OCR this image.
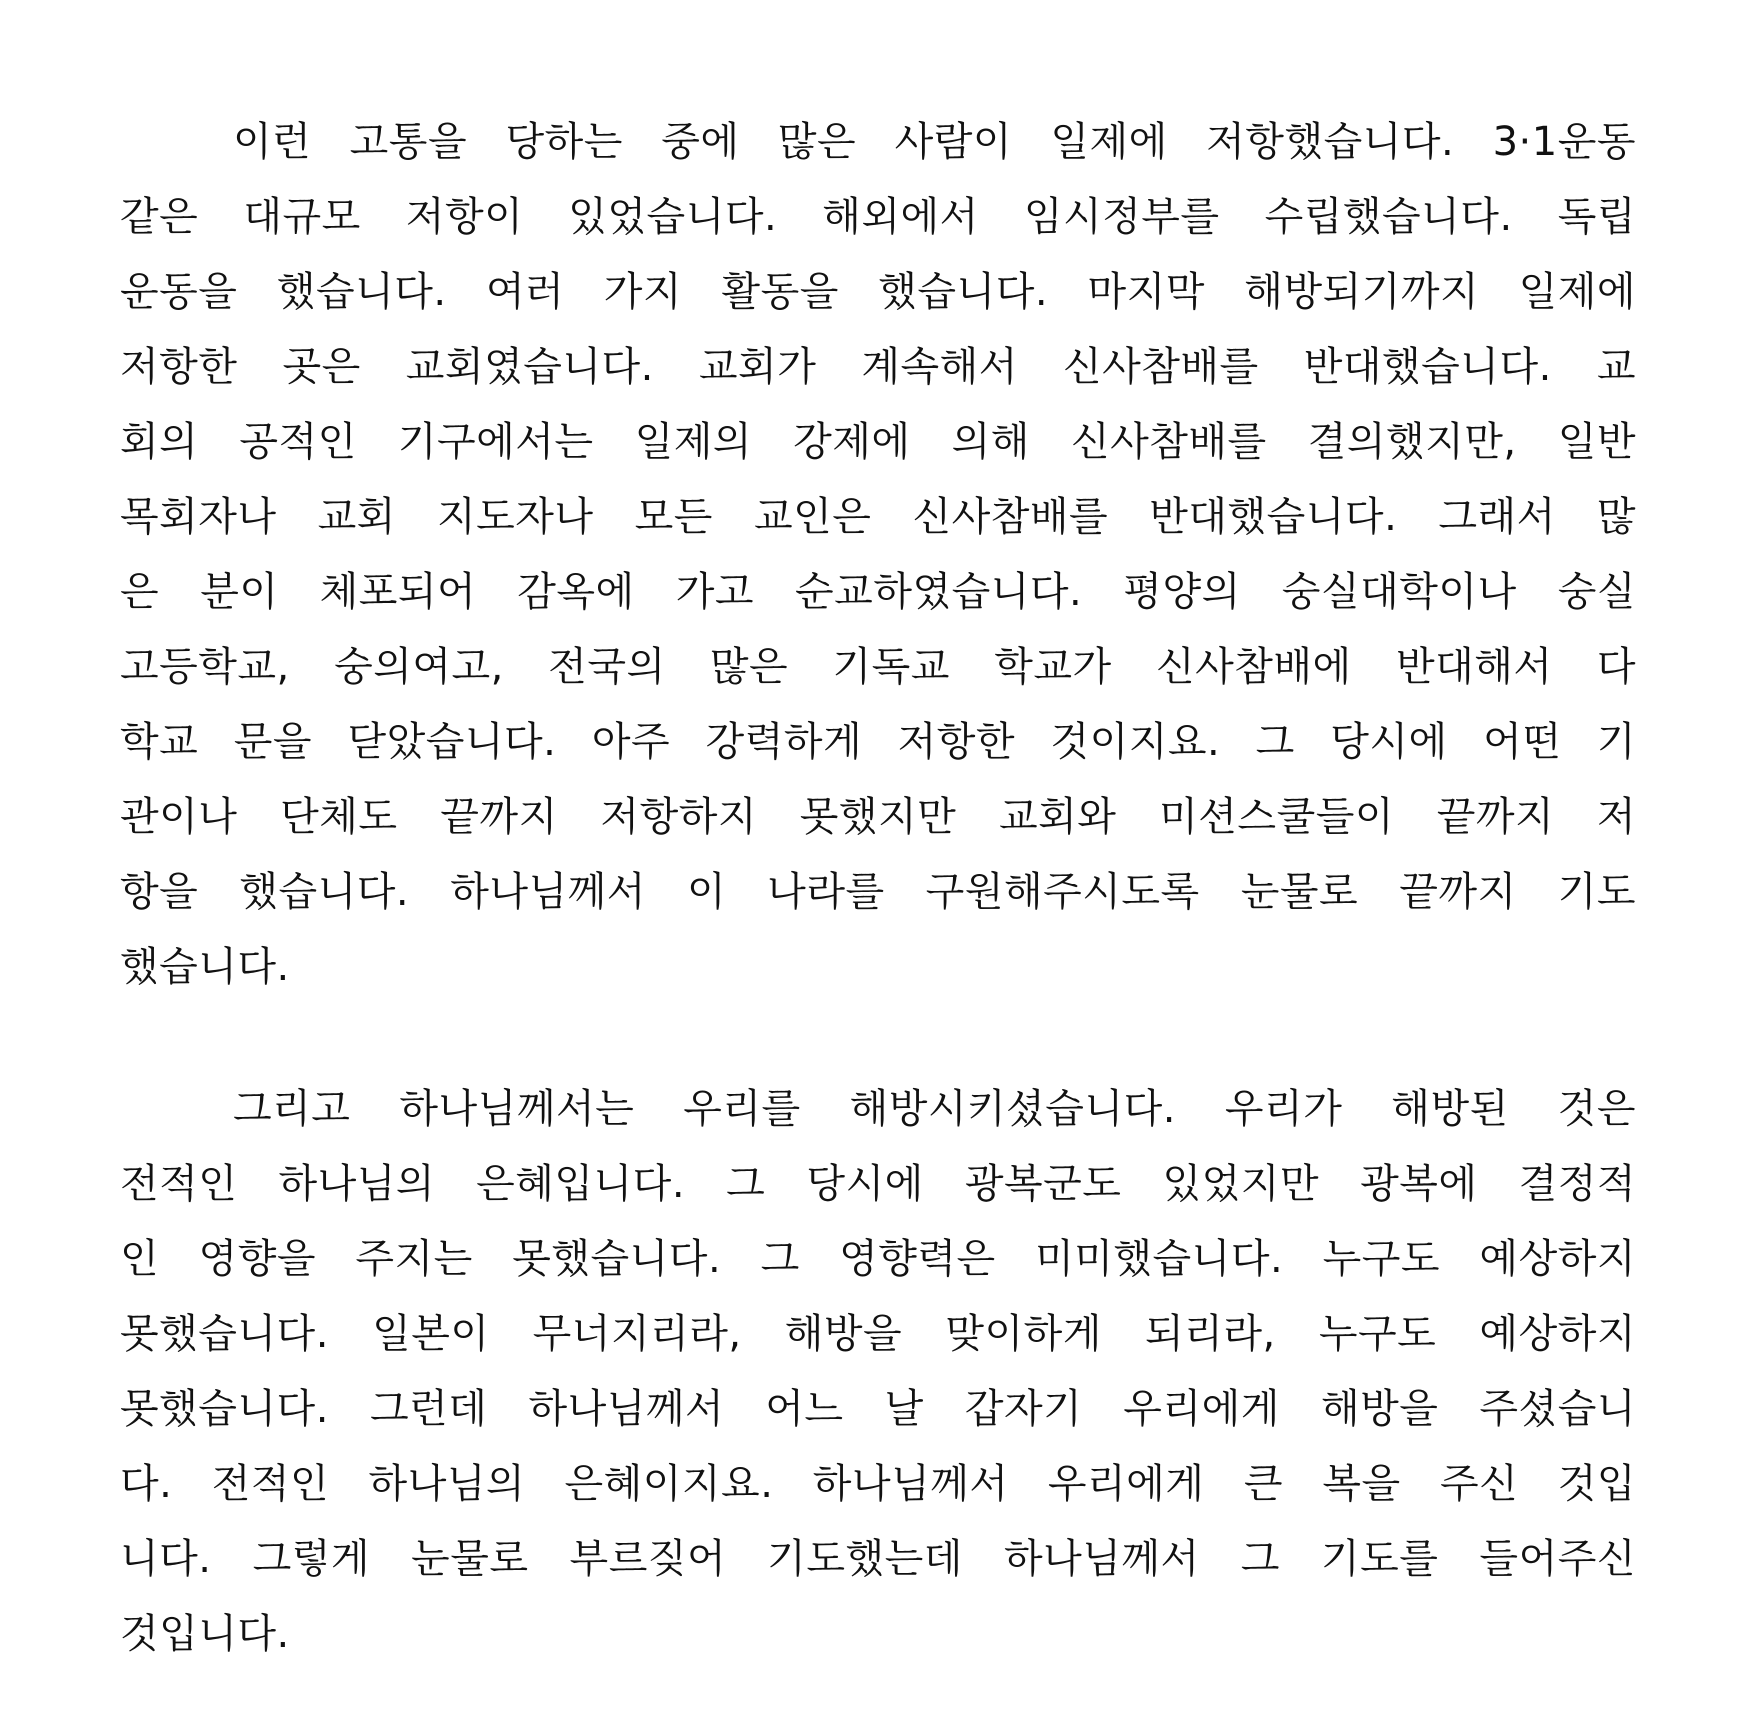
이런 고통을 당하는 중에 많은 사람이 일제에 저항했습니다. 3·1운동
같은 대규모 저항이 있었습니다. 해외에서 임시정부를 수립했습니다. 독립
운동을 했습니다. 여러 가지 활동을 했습니다. 마지막 해방되기까지 일제에
저항한 곳은 교회였습니다. 교회가 계속해서 신사참배를 반대했습니다. 교
회의 공적인 기구에서는 일제의 강제에 의해 신사참배를 결의했지만, 일반
목회자나 교회 지도자나 모든 교인은 신사참배를 반대했습니다. 그래서 많
은 분이 체포되어 감옥에 가고 순교하였습니다. 평양의 숭실대학이나 숭실
고등학교, 숭의여고, 전국의 많은 기독교 학교가 신사참배에 반대해서 다
학교 문을 닫았습니다. 아주 강력하게 저항한 것이지요. 그 당시에 어떤 기
관이나 단체도 끝까지 저항하지 못했지만 교회와 미션스쿨들이 끝까지 저
항을 했습니다. 하나님께서 이 나라를 구원해주시도록 눈물로 끝까지 기도
했습니다.
그리고 하나님께서는 우리를 해방시키셨습니다. 우리가 해방된 것은
전적인 하나님의 은혜입니다. 그 당시에 광복군도 있었지만 광복에 결정적
인 영향을 주지는 못했습니다. 그 영향력은 미미했습니다. 누구도 예상하지
못했습니다. 일본이 무너지리라, 해방을 맞이하게 되리라, 누구도 예상하지
못했습니다. 그런데 하나님께서 어느 날 갑자기 우리에게 해방을 주셨습니
다. 전적인 하나님의 은혜이지요. 하나님께서 우리에게 큰 복을 주신 것입
니다. 그렇게 눈물로 부르짖어 기도했는데 하나님께서 그 기도를 들어주신
것입니다.
